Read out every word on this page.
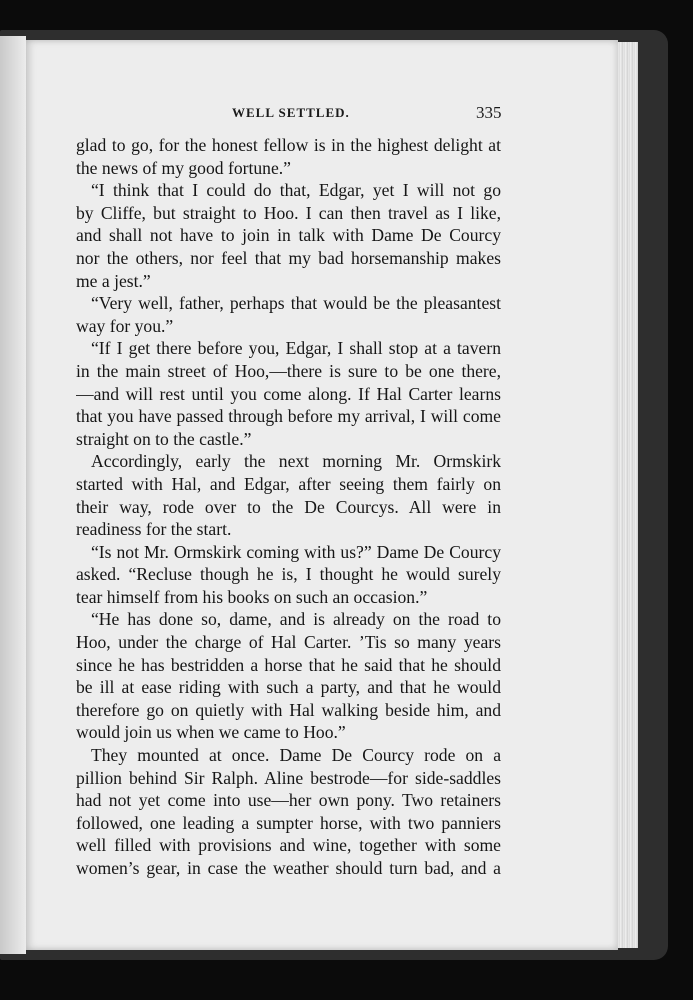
WELL SETTLED.	335
glad to go, for the honest fellow is in the highest delight at
the news of my good fortune.”
“I think that I could do that, Edgar, yet I will not go
by Cliffe, but straight to Hoo. I can then travel as I like,
and shall not have to join in talk with Dame De Courcy
nor the others, nor feel that my bad horsemanship makes
me a jest.”
“Very well, father, perhaps that would be the pleasantest
way for you.”
“If I get there before you, Edgar, I shall stop at a tavern
in the main street of Hoo,—there is sure to be one there,
—and will rest until you come along. If Hal Carter learns
that you have passed through before my arrival, I will come
straight on to the castle.”
Accordingly, early the next morning Mr. Ormskirk
started with Hal, and Edgar, after seeing them fairly on
their way, rode over to the De Courcys. All were in
readiness for the start.
“Is not Mr. Ormskirk coming with us?” Dame De Courcy
asked. “Recluse though he is, I thought he would surely
tear himself from his books on such an occasion.”
“He has done so, dame, and is already on the road to
Hoo, under the charge of Hal Carter. ’Tis so many years
since he has bestridden a horse that he said that he should
be ill at ease riding with such a party, and that he would
therefore go on quietly with Hal walking beside him, and
would join us when we came to Hoo.”
They mounted at once. Dame De Courcy rode on a
pillion behind Sir Ralph. Aline bestrode—for side-saddles
had not yet come into use—her own pony. Two retainers
followed, one leading a sumpter horse, with two panniers
well filled with provisions and wine, together with some
women’s gear, in case the weather should turn bad, and a
